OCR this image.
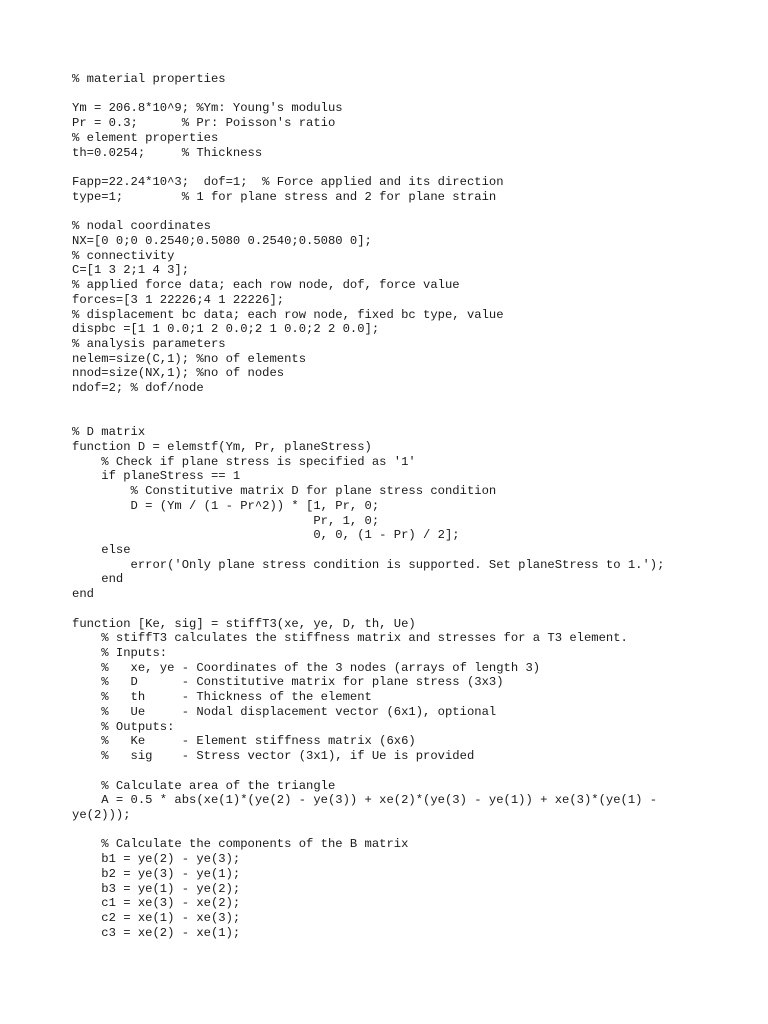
% material properties
Ym = 206.8*10^9; %Ym: Young's modulus
Pr = 0.3;      % Pr: Poisson's ratio
% element properties
th=0.0254;     % Thickness
Fapp=22.24*10^3;  dof=1;  % Force applied and its direction
type=1;        % 1 for plane stress and 2 for plane strain
% nodal coordinates
NX=[0 0;0 0.2540;0.5080 0.2540;0.5080 0];
% connectivity
C=[1 3 2;1 4 3];
% applied force data; each row node, dof, force value
forces=[3 1 22226;4 1 22226];
% displacement bc data; each row node, fixed bc type, value
dispbc =[1 1 0.0;1 2 0.0;2 1 0.0;2 2 0.0];
% analysis parameters
nelem=size(C,1); %no of elements
nnod=size(NX,1); %no of nodes
ndof=2; % dof/node
% D matrix
function D = elemstf(Ym, Pr, planeStress)
% Check if plane stress is specified as '1'
if planeStress == 1
% Constitutive matrix D for plane stress condition
D = (Ym / (1 - Pr^2)) * [1, Pr, 0;
Pr, 1, 0;
0, 0, (1 - Pr) / 2];
else
error('Only plane stress condition is supported. Set planeStress to 1.');
end
end
function [Ke, sig] = stiffT3(xe, ye, D, th, Ue)
% stiffT3 calculates the stiffness matrix and stresses for a T3 element.
% Inputs:
%   xe, ye - Coordinates of the 3 nodes (arrays of length 3)
%   D      - Constitutive matrix for plane stress (3x3)
%   th     - Thickness of the element
%   Ue     - Nodal displacement vector (6x1), optional
% Outputs:
%   Ke     - Element stiffness matrix (6x6)
%   sig    - Stress vector (3x1), if Ue is provided
% Calculate area of the triangle
A = 0.5 * abs(xe(1)*(ye(2) - ye(3)) + xe(2)*(ye(3) - ye(1)) + xe(3)*(ye(1) -
ye(2)));
% Calculate the components of the B matrix
b1 = ye(2) - ye(3);
b2 = ye(3) - ye(1);
b3 = ye(1) - ye(2);
c1 = xe(3) - xe(2);
c2 = xe(1) - xe(3);
c3 = xe(2) - xe(1);
